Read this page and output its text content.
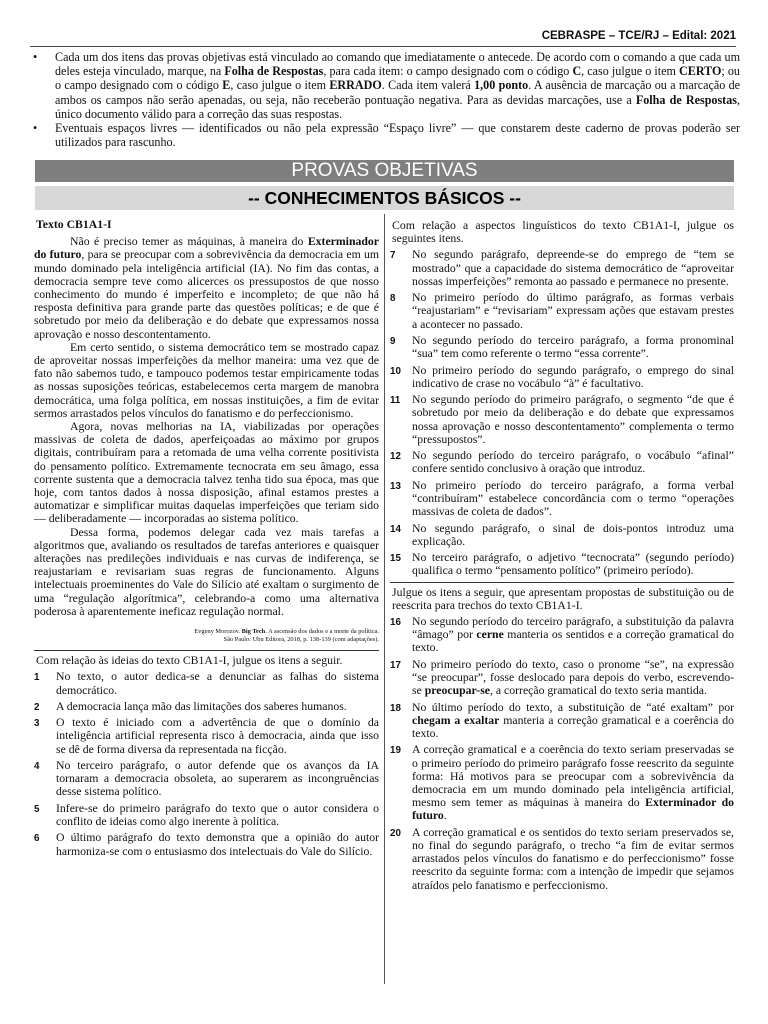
CEBRASPE – TCE/RJ – Edital: 2021
• Cada um dos itens das provas objetivas está vinculado ao comando que imediatamente o antecede. De acordo com o comando a que cada um deles esteja vinculado, marque, na Folha de Respostas, para cada item: o campo designado com o código C, caso julgue o item CERTO; ou o campo designado com o código E, caso julgue o item ERRADO. Cada item valerá 1,00 ponto. A ausência de marcação ou a marcação de ambos os campos não serão apenadas, ou seja, não receberão pontuação negativa. Para as devidas marcações, use a Folha de Respostas, único documento válido para a correção das suas respostas.
• Eventuais espaços livres — identificados ou não pela expressão “Espaço livre” — que constarem deste caderno de provas poderão ser utilizados para rascunho.
PROVAS OBJETIVAS
-- CONHECIMENTOS BÁSICOS --
Texto CB1A1-I

Não é preciso temer as máquinas, à maneira do Exterminador do futuro, para se preocupar com a sobrevivência da democracia em um mundo dominado pela inteligência artificial (IA). No fim das contas, a democracia sempre teve como alicerces os pressupostos de que nosso conhecimento do mundo é imperfeito e incompleto; de que não há resposta definitiva para grande parte das questões políticas; e de que é sobretudo por meio da deliberação e do debate que expressamos nossa aprovação e nosso descontentamento.

Em certo sentido, o sistema democrático tem se mostrado capaz de aproveitar nossas imperfeições da melhor maneira: uma vez que de fato não sabemos tudo, e tampouco podemos testar empiricamente todas as nossas suposições teóricas, estabelecemos certa margem de manobra democrática, uma folga política, em nossas instituições, a fim de evitar sermos arrastados pelos vínculos do fanatismo e do perfeccionismo.

Agora, novas melhorias na IA, viabilizadas por operações massivas de coleta de dados, aperfeiçoadas ao máximo por grupos digitais, contribuíram para a retomada de uma velha corrente positivista do pensamento político. Extremamente tecnocrata em seu âmago, essa corrente sustenta que a democracia talvez tenha tido sua época, mas que hoje, com tantos dados à nossa disposição, afinal estamos prestes a automatizar e simplificar muitas daquelas imperfeições que teriam sido — deliberadamente — incorporadas ao sistema político.

Dessa forma, podemos delegar cada vez mais tarefas a algoritmos que, avaliando os resultados de tarefas anteriores e quaisquer alterações nas predileções individuais e nas curvas de indiferença, se reajustariam e revisariam suas regras de funcionamento. Alguns intelectuais proeminentes do Vale do Silício até exaltam o surgimento de uma “regulação algorítmica”, celebrando-a como uma alternativa poderosa à aparentemente ineficaz regulação normal.

Evgeny Morozov. Big Tech. A ascensão dos dados e a morte da política.
São Paulo: Ubu Editora, 2018, p. 138-139 (com adaptações).

Com relação às ideias do texto CB1A1-I, julgue os itens a seguir.

1 No texto, o autor dedica-se a denunciar as falhas do sistema democrático.
2 A democracia lança mão das limitações dos saberes humanos.
3 O texto é iniciado com a advertência de que o domínio da inteligência artificial representa risco à democracia, ainda que isso se dê de forma diversa da representada na ficção.
4 No terceiro parágrafo, o autor defende que os avanços da IA tornaram a democracia obsoleta, ao superarem as incongruências desse sistema político.
5 Infere-se do primeiro parágrafo do texto que o autor considera o conflito de ideias como algo inerente à política.
6 O último parágrafo do texto demonstra que a opinião do autor harmoniza-se com o entusiasmo dos intelectuais do Vale do Silício.

Com relação a aspectos linguísticos do texto CB1A1-I, julgue os seguintes itens.

7 No segundo parágrafo, depreende-se do emprego de “tem se mostrado” que a capacidade do sistema democrático de “aproveitar nossas imperfeições” remonta ao passado e permanece no presente.
8 No primeiro período do último parágrafo, as formas verbais “reajustariam” e “revisariam” expressam ações que estavam prestes a acontecer no passado.
9 No segundo período do terceiro parágrafo, a forma pronominal “sua” tem como referente o termo “essa corrente”.
10 No primeiro período do segundo parágrafo, o emprego do sinal indicativo de crase no vocábulo “à” é facultativo.
11 No segundo período do primeiro parágrafo, o segmento “de que é sobretudo por meio da deliberação e do debate que expressamos nossa aprovação e nosso descontentamento” complementa o termo “pressupostos”.
12 No segundo período do terceiro parágrafo, o vocábulo “afinal” confere sentido conclusivo à oração que introduz.
13 No primeiro período do terceiro parágrafo, a forma verbal “contribuíram” estabelece concordância com o termo “operações massivas de coleta de dados”.
14 No segundo parágrafo, o sinal de dois-pontos introduz uma explicação.
15 No terceiro parágrafo, o adjetivo “tecnocrata” (segundo período) qualifica o termo “pensamento político” (primeiro período).

Julgue os itens a seguir, que apresentam propostas de substituição ou de reescrita para trechos do texto CB1A1-I.

16 No segundo período do terceiro parágrafo, a substituição da palavra “âmago” por cerne manteria os sentidos e a correção gramatical do texto.
17 No primeiro período do texto, caso o pronome “se”, na expressão “se preocupar”, fosse deslocado para depois do verbo, escrevendo-se preocupar-se, a correção gramatical do texto seria mantida.
18 No último período do texto, a substituição de “até exaltam” por chegam a exaltar manteria a correção gramatical e a coerência do texto.
19 A correção gramatical e a coerência do texto seriam preservadas se o primeiro período do primeiro parágrafo fosse reescrito da seguinte forma: Há motivos para se preocupar com a sobrevivência da democracia em um mundo dominado pela inteligência artificial, mesmo sem temer as máquinas à maneira do Exterminador do futuro.
20 A correção gramatical e os sentidos do texto seriam preservados se, no final do segundo parágrafo, o trecho “a fim de evitar sermos arrastados pelos vínculos do fanatismo e do perfeccionismo” fosse reescrito da seguinte forma: com a intenção de impedir que sejamos atraídos pelo fanatismo e perfeccionismo.
